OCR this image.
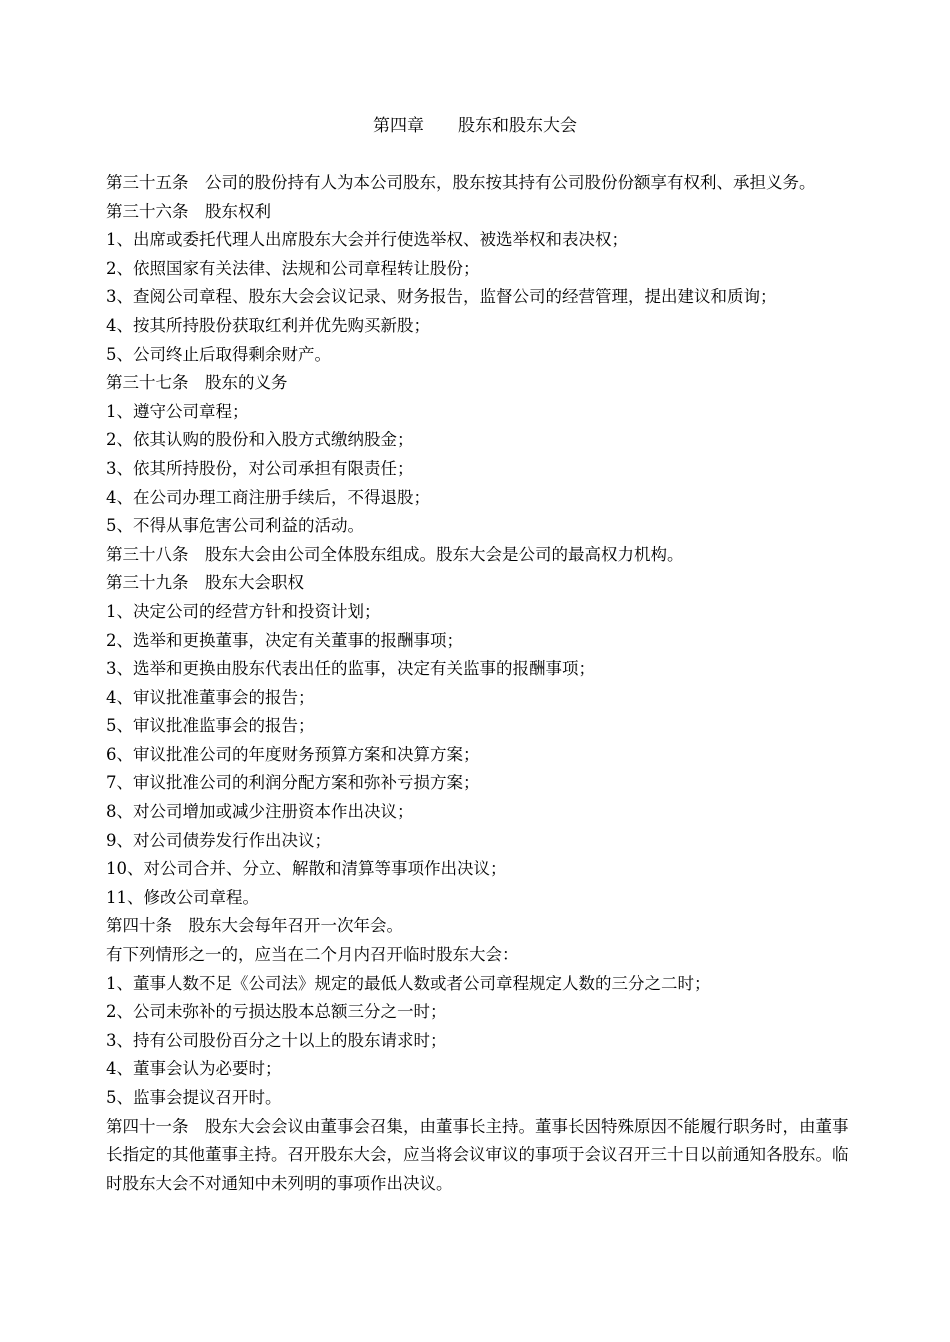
第四章　　股东和股东大会
第三十五条　公司的股份持有人为本公司股东，股东按其持有公司股份份额享有权利、承担义务。
第三十六条　股东权利
1、出席或委托代理人出席股东大会并行使选举权、被选举权和表决权；
2、依照国家有关法律、法规和公司章程转让股份；
3、查阅公司章程、股东大会会议记录、财务报告，监督公司的经营管理，提出建议和质询；
4、按其所持股份获取红利并优先购买新股；
5、公司终止后取得剩余财产。
第三十七条　股东的义务
1、遵守公司章程；
2、依其认购的股份和入股方式缴纳股金；
3、依其所持股份，对公司承担有限责任；
4、在公司办理工商注册手续后，不得退股；
5、不得从事危害公司利益的活动。
第三十八条　股东大会由公司全体股东组成。股东大会是公司的最高权力机构。
第三十九条　股东大会职权
1、决定公司的经营方针和投资计划；
2、选举和更换董事，决定有关董事的报酬事项；
3、选举和更换由股东代表出任的监事，决定有关监事的报酬事项；
4、审议批准董事会的报告；
5、审议批准监事会的报告；
6、审议批准公司的年度财务预算方案和决算方案；
7、审议批准公司的利润分配方案和弥补亏损方案；
8、对公司增加或减少注册资本作出决议；
9、对公司债券发行作出决议；
10、对公司合并、分立、解散和清算等事项作出决议；
11、修改公司章程。
第四十条　股东大会每年召开一次年会。
有下列情形之一的，应当在二个月内召开临时股东大会：
1、董事人数不足《公司法》规定的最低人数或者公司章程规定人数的三分之二时；
2、公司未弥补的亏损达股本总额三分之一时；
3、持有公司股份百分之十以上的股东请求时；
4、董事会认为必要时；
5、监事会提议召开时。
第四十一条　股东大会会议由董事会召集，由董事长主持。董事长因特殊原因不能履行职务时，由董事长指定的其他董事主持。召开股东大会，应当将会议审议的事项于会议召开三十日以前通知各股东。临时股东大会不对通知中未列明的事项作出决议。
